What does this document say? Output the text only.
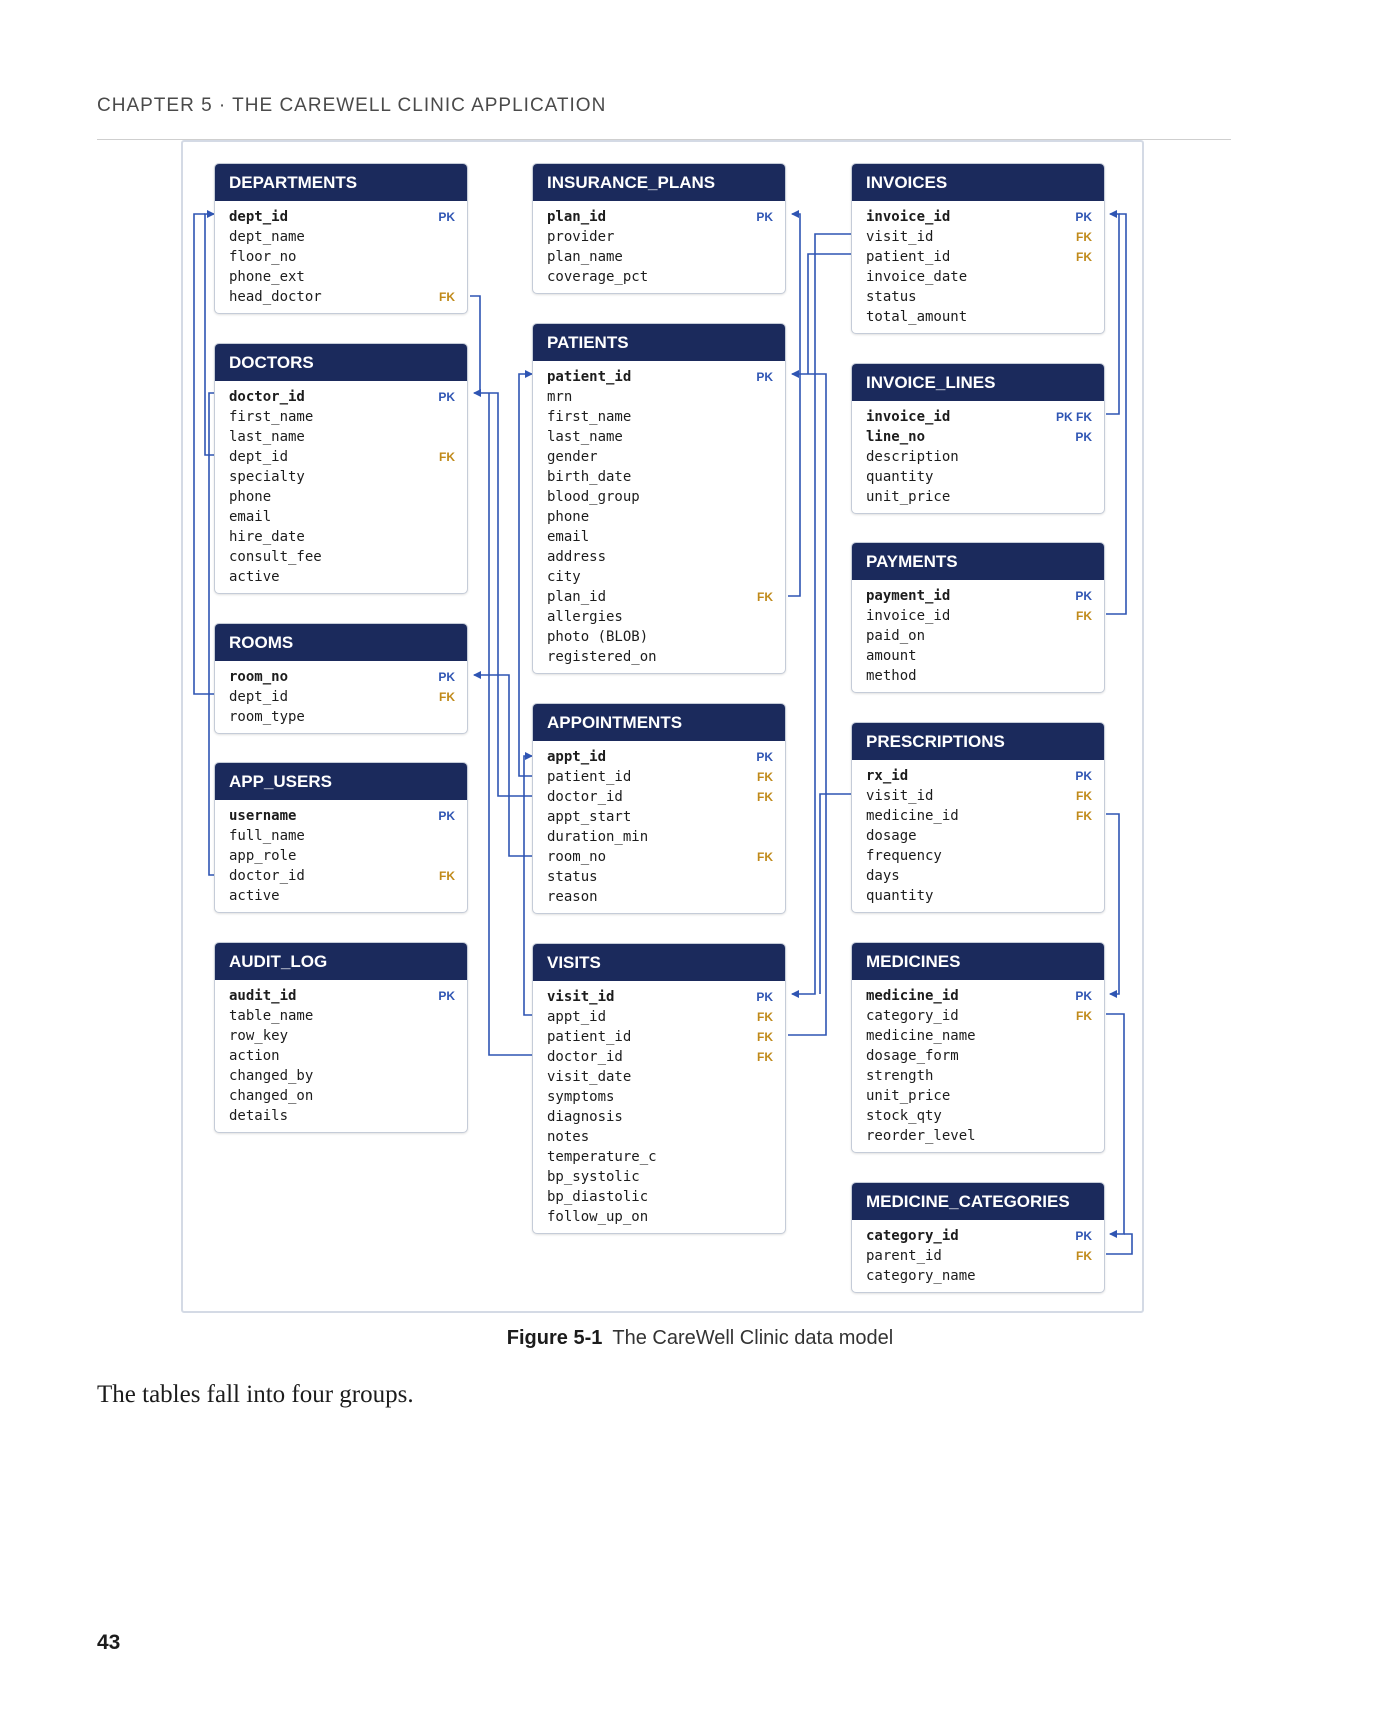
CHAPTER 5 · THE CAREWELL CLINIC APPLICATION
DEPARTMENTS
dept_id	PK
dept_name
floor_no
phone_ext
head_doctor	FK
DOCTORS
doctor_id	PK
first_name
last_name
dept_id	FK
specialty
phone
email
hire_date
consult_fee
active
ROOMS
room_no	PK
dept_id	FK
room_type
APP_USERS
username	PK
full_name
app_role
doctor_id	FK
active
AUDIT_LOG
audit_id	PK
table_name
row_key
action
changed_by
changed_on
details
INSURANCE_PLANS
plan_id	PK
provider
plan_name
coverage_pct
PATIENTS
patient_id	PK
mrn
first_name
last_name
gender
birth_date
blood_group
phone
email
address
city
plan_id	FK
allergies
photo (BLOB)
registered_on
APPOINTMENTS
appt_id	PK
patient_id	FK
doctor_id	FK
appt_start
duration_min
room_no	FK
status
reason
VISITS
visit_id	PK
appt_id	FK
patient_id	FK
doctor_id	FK
visit_date
symptoms
diagnosis
notes
temperature_c
bp_systolic
bp_diastolic
follow_up_on
INVOICES
invoice_id	PK
visit_id	FK
patient_id	FK
invoice_date
status
total_amount
INVOICE_LINES
invoice_id	PK FK
line_no	PK
description
quantity
unit_price
PAYMENTS
payment_id	PK
invoice_id	FK
paid_on
amount
method
PRESCRIPTIONS
rx_id	PK
visit_id	FK
medicine_id	FK
dosage
frequency
days
quantity
MEDICINES
medicine_id	PK
category_id	FK
medicine_name
dosage_form
strength
unit_price
stock_qty
reorder_level
MEDICINE_CATEGORIES
category_id	PK
parent_id	FK
category_name
Figure 5-1 The CareWell Clinic data model
The tables fall into four groups.
43
